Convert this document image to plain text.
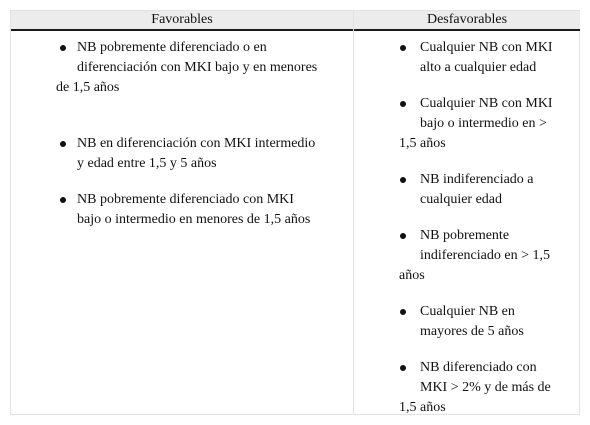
Favorables	Desfavorables
NB pobremente diferenciado o en
diferenciación con MKI bajo y en menores
de 1,5 años
NB en diferenciación con MKI intermedio
y edad entre 1,5 y 5 años
NB pobremente diferenciado con MKI
bajo o intermedio en menores de 1,5 años
Cualquier NB con MKI
alto a cualquier edad
Cualquier NB con MKI
bajo o intermedio en >
1,5 años
NB indiferenciado a
cualquier edad
NB pobremente
indiferenciado en > 1,5
años
Cualquier NB en
mayores de 5 años
NB diferenciado con
MKI > 2% y de más de
1,5 años
